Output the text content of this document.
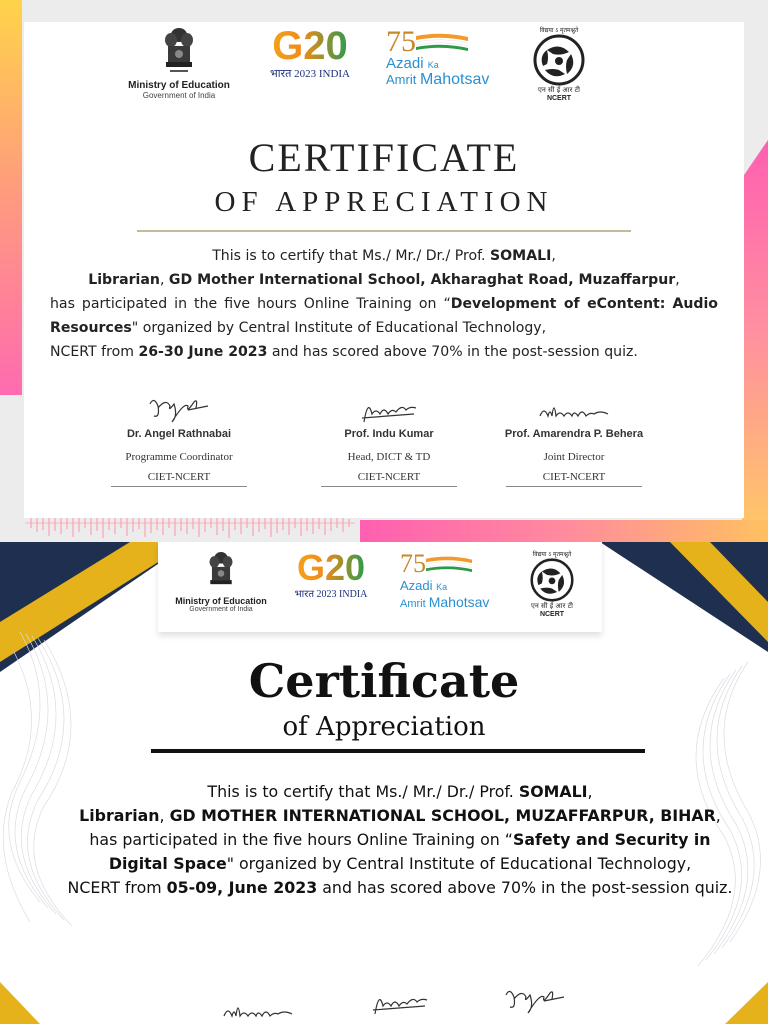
Ministry of Education
Government of India
G20
भारत 2023 INDIA
75
Azadi Ka
Amrit Mahotsav
विद्यया ऽ मृतमश्नुते
एन सी ई आर टी
NCERT
CERTIFICATE
OF APPRECIATION
This is to certify that Ms./ Mr./ Dr./ Prof. SOMALI,
Librarian, GD Mother International School, Akharaghat Road, Muzaffarpur,
has participated in the five hours Online Training on “Development of eContent: Audio Resources" organized by Central Institute of Educational Technology,
NCERT from 26-30 June 2023 and has scored above 70% in the post-session quiz.
Dr. Angel Rathnabai
Programme Coordinator
CIET-NCERT
Prof. Indu Kumar
Head, DICT & TD
CIET-NCERT
Prof. Amarendra P. Behera
Joint Director
CIET-NCERT
Ministry of Education
Government of India
G20
भारत 2023 INDIA
75
Azadi Ka
Amrit Mahotsav
विद्यया ऽ मृतमश्नुते
एन सी ई आर टी
NCERT
Certificate
of Appreciation
This is to certify that Ms./ Mr./ Dr./ Prof. SOMALI,
Librarian, GD MOTHER INTERNATIONAL SCHOOL, MUZAFFARPUR, BIHAR,
has participated in the five hours Online Training on “Safety and Security in
Digital Space" organized by Central Institute of Educational Technology,
NCERT from 05-09, June 2023 and has scored above 70% in the post-session quiz.
